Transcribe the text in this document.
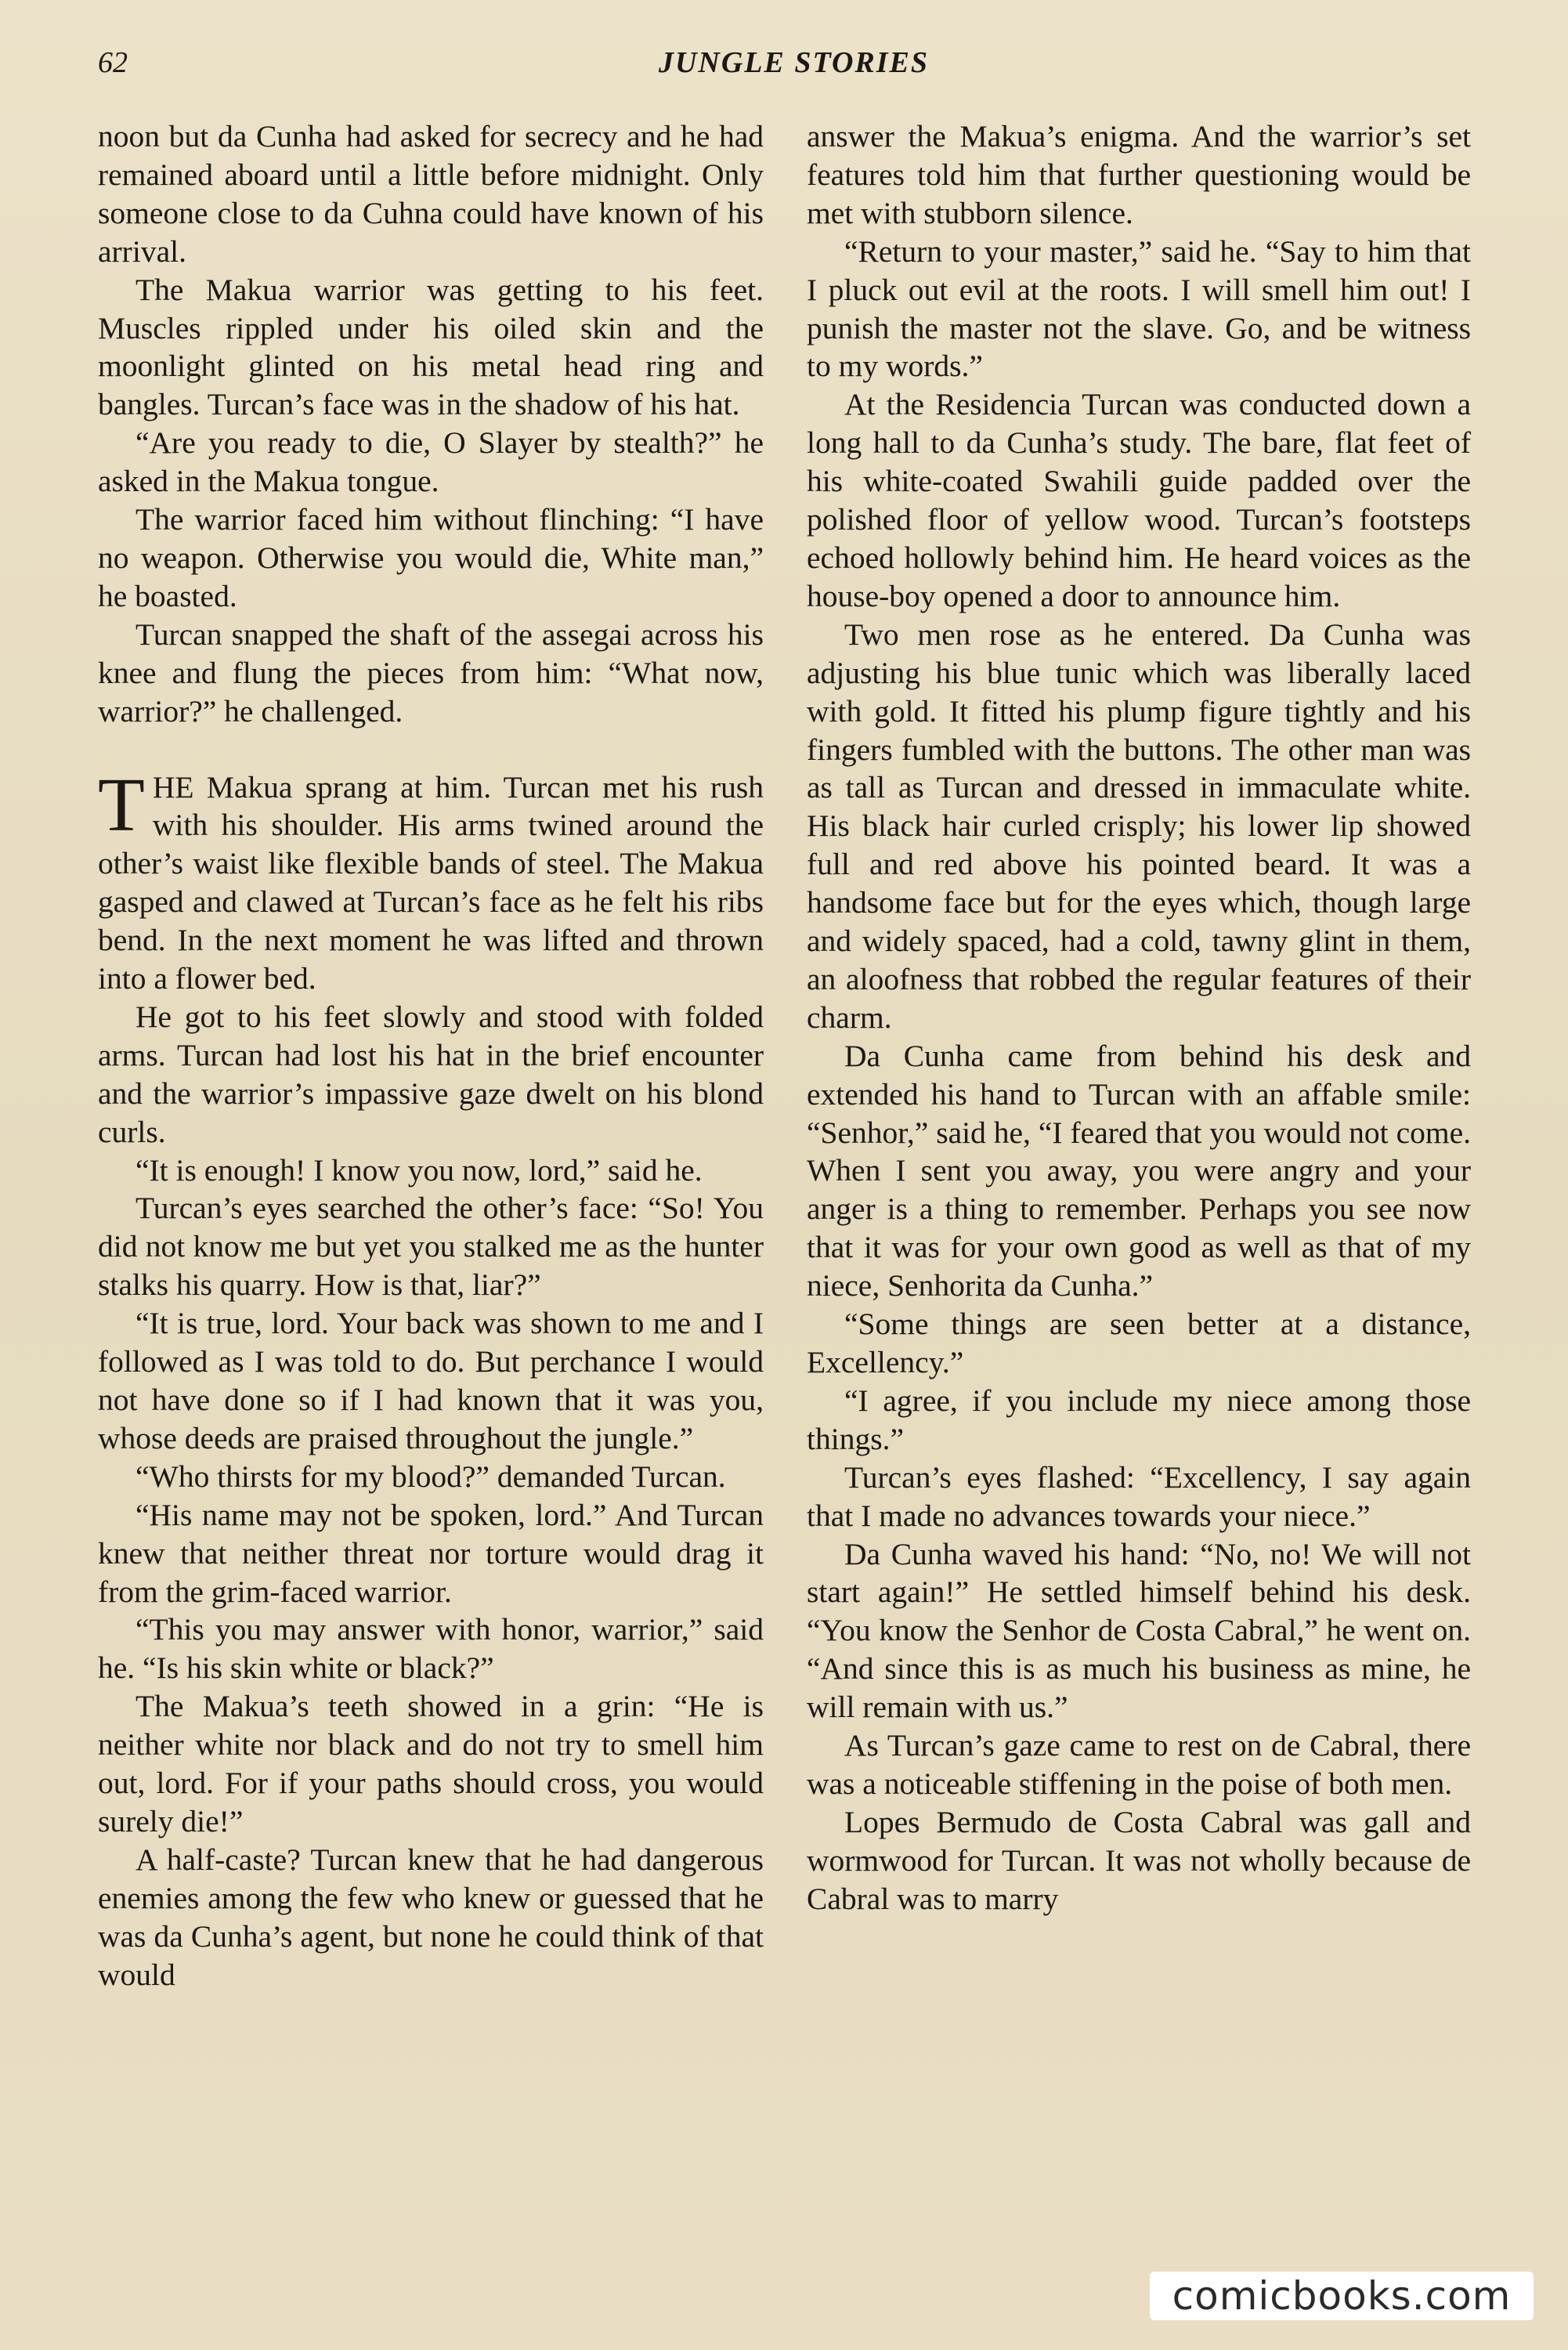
62	JUNGLE STORIES

noon but da Cunha had asked for secrecy and he had remained aboard until a little before midnight. Only someone close to da Cuhna could have known of his arrival.

The Makua warrior was getting to his feet. Muscles rippled under his oiled skin and the moonlight glinted on his metal head ring and bangles. Turcan’s face was in the shadow of his hat.

“Are you ready to die, O Slayer by stealth?” he asked in the Makua tongue.

The warrior faced him without flinching: “I have no weapon. Otherwise you would die, White man,” he boasted.

Turcan snapped the shaft of the assegai across his knee and flung the pieces from him: “What now, warrior?” he challenged.

THE Makua sprang at him. Turcan met his rush with his shoulder. His arms twined around the other’s waist like flexible bands of steel. The Makua gasped and clawed at Turcan’s face as he felt his ribs bend. In the next moment he was lifted and thrown into a flower bed.

He got to his feet slowly and stood with folded arms. Turcan had lost his hat in the brief encounter and the warrior’s impassive gaze dwelt on his blond curls.

“It is enough! I know you now, lord,” said he.

Turcan’s eyes searched the other’s face: “So! You did not know me but yet you stalked me as the hunter stalks his quarry. How is that, liar?”

“It is true, lord. Your back was shown to me and I followed as I was told to do. But perchance I would not have done so if I had known that it was you, whose deeds are praised throughout the jungle.”

“Who thirsts for my blood?” demanded Turcan.

“His name may not be spoken, lord.” And Turcan knew that neither threat nor torture would drag it from the grim-faced warrior.

“This you may answer with honor, warrior,” said he. “Is his skin white or black?”

The Makua’s teeth showed in a grin: “He is neither white nor black and do not try to smell him out, lord. For if your paths should cross, you would surely die!”

A half-caste? Turcan knew that he had dangerous enemies among the few who knew or guessed that he was da Cunha’s agent, but none he could think of that would

answer the Makua’s enigma. And the warrior’s set features told him that further questioning would be met with stubborn silence.

“Return to your master,” said he. “Say to him that I pluck out evil at the roots. I will smell him out! I punish the master not the slave. Go, and be witness to my words.”

At the Residencia Turcan was conducted down a long hall to da Cunha’s study. The bare, flat feet of his white-coated Swahili guide padded over the polished floor of yellow wood. Turcan’s footsteps echoed hollowly behind him. He heard voices as the house-boy opened a door to announce him.

Two men rose as he entered. Da Cunha was adjusting his blue tunic which was liberally laced with gold. It fitted his plump figure tightly and his fingers fumbled with the buttons. The other man was as tall as Turcan and dressed in immaculate white. His black hair curled crisply; his lower lip showed full and red above his pointed beard. It was a handsome face but for the eyes which, though large and widely spaced, had a cold, tawny glint in them, an aloofness that robbed the regular features of their charm.

Da Cunha came from behind his desk and extended his hand to Turcan with an affable smile: “Senhor,” said he, “I feared that you would not come. When I sent you away, you were angry and your anger is a thing to remember. Perhaps you see now that it was for your own good as well as that of my niece, Senhorita da Cunha.”

“Some things are seen better at a distance, Excellency.”

“I agree, if you include my niece among those things.”

Turcan’s eyes flashed: “Excellency, I say again that I made no advances towards your niece.”

Da Cunha waved his hand: “No, no! We will not start again!” He settled himself behind his desk. “You know the Senhor de Costa Cabral,” he went on. “And since this is as much his business as mine, he will remain with us.”

As Turcan’s gaze came to rest on de Cabral, there was a noticeable stiffening in the poise of both men.

Lopes Bermudo de Costa Cabral was gall and wormwood for Turcan. It was not wholly because de Cabral was to marry

comicbooks.com
